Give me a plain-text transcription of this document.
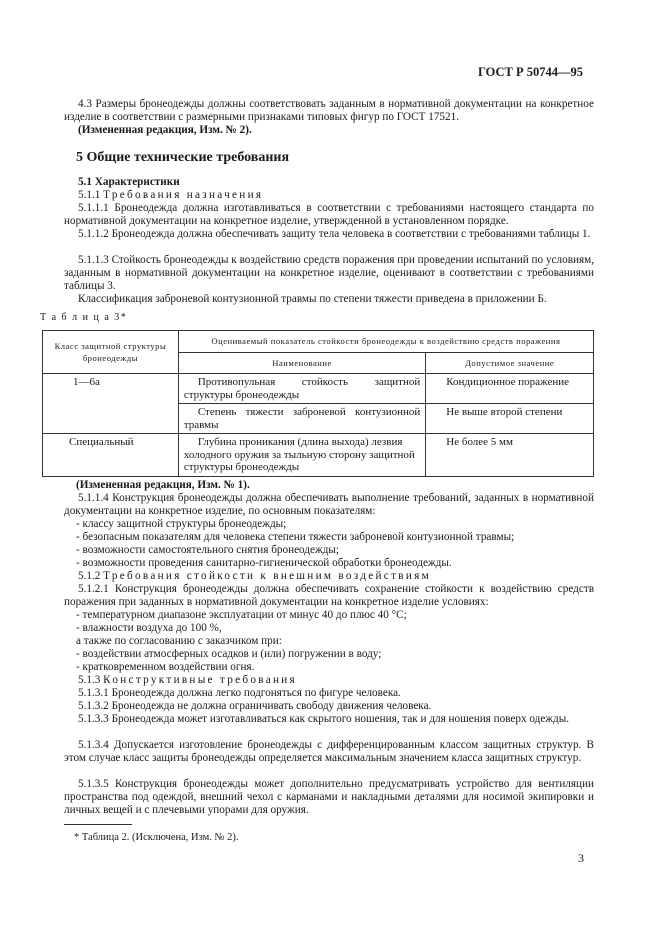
ГОСТ Р 50744—95
4.3 Размеры бронеодежды должны соответствовать заданным в нормативной документации на конкретное изделие в соответствии с размерными признаками типовых фигур по ГОСТ 17521.
(Измененная редакция, Изм. № 2).
5 Общие технические требования
5.1 Характеристики
5.1.1 Требования назначения
5.1.1.1 Бронеодежда должна изготавливаться в соответствии с требованиями настоящего стандарта по нормативной документации на конкретное изделие, утвержденной в установленном порядке.
5.1.1.2 Бронеодежда должна обеспечивать защиту тела человека в соответствии с требованиями таблицы 1.
5.1.1.3 Стойкость бронеодежды к воздействию средств поражения при проведении испытаний по условиям, заданным в нормативной документации на конкретное изделие, оценивают в соответствии с требованиями таблицы 3.
Классификация заброневой контузионной травмы по степени тяжести приведена в приложении Б.
Т а б л и ц а 3*
Класс защитной структуры бронеодежды	Оцениваемый показатель стойкости бронеодежды к воздействию средств поражения	
	Наименование	Допустимое значение
1—6а	Противопульная стойкость защитной структуры бронеодежды	Кондиционное поражение
	Степень тяжести заброневой контузионной травмы	Не выше второй степени
Специальный	Глубина проникания (длина выхода) лезвия холодного оружия за тыльную сторону защитной структуры бронеодежды	Не более 5 мм
(Измененная редакция, Изм. № 1).
5.1.1.4 Конструкция бронеодежды должна обеспечивать выполнение требований, заданных в нормативной документации на конкретное изделие, по основным показателям:
- классу защитной структуры бронеодежды;
- безопасным показателям для человека степени тяжести заброневой контузионной травмы;
- возможности самостоятельного снятия бронеодежды;
- возможности проведения санитарно-гигиенической обработки бронеодежды.
5.1.2 Требования стойкости к внешним воздействиям
5.1.2.1 Конструкция бронеодежды должна обеспечивать сохранение стойкости к воздействию средств поражения при заданных в нормативной документации на конкретное изделие условиях:
- температурном диапазоне эксплуатации от минус 40 до плюс 40 °С;
- влажности воздуха до 100 %,
а также по согласованию с заказчиком при:
- воздействии атмосферных осадков и (или) погружении в воду;
- кратковременном воздействии огня.
5.1.3 Конструктивные требования
5.1.3.1 Бронеодежда должна легко подгоняться по фигуре человека.
5.1.3.2 Бронеодежда не должна ограничивать свободу движения человека.
5.1.3.3 Бронеодежда может изготавливаться как скрытого ношения, так и для ношения поверх одежды.
5.1.3.4 Допускается изготовление бронеодежды с дифференцированным классом защитных структур. В этом случае класс защиты бронеодежды определяется максимальным значением класса защитных структур.
5.1.3.5 Конструкция бронеодежды может дополнительно предусматривать устройство для вентиляции пространства под одеждой, внешний чехол с карманами и накладными деталями для носимой экипировки и личных вещей и с плечевыми упорами для оружия.
* Таблица 2. (Исключена, Изм. № 2).
3
